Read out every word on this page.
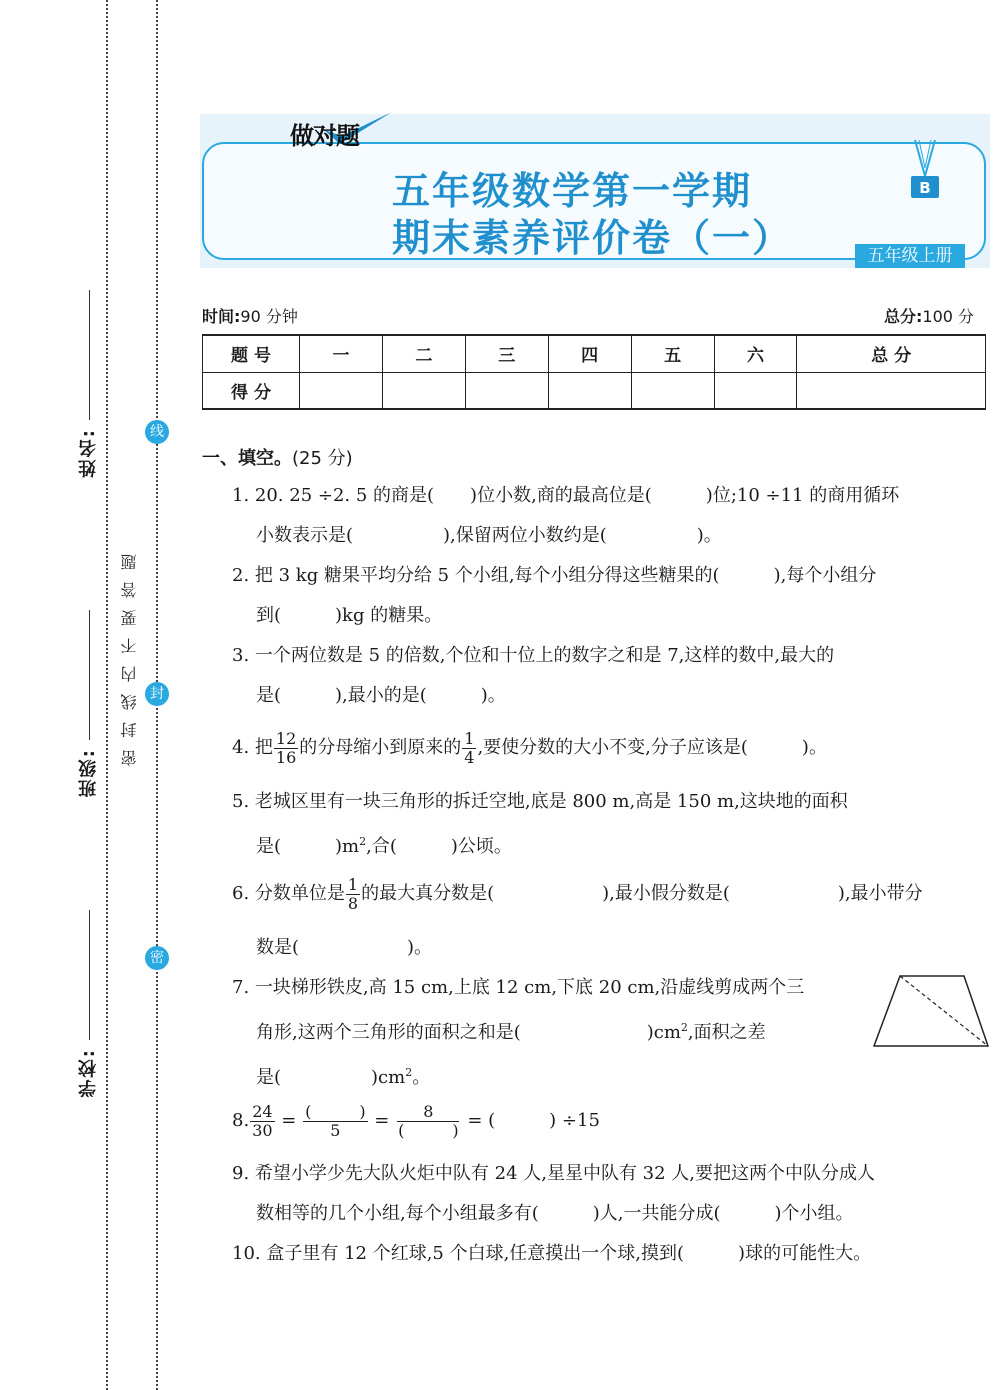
姓名:
班级:
学校:
线
封
密
密封线内不要答题
做对题
五年级数学第一学期
期末素养评价卷（一）
B
五年级上册
时间:90 分钟	总分:100 分
题 号	一	二	三	四	五	六	总 分
得 分							
一、填空。(25 分)
1. 20. 25 ÷2. 5 的商是(　　)位小数,商的最高位是(　　　)位;10 ÷11 的商用循环
小数表示是(　　　　　),保留两位小数约是(　　　　　)。
2. 把 3 kg 糖果平均分给 5 个小组,每个小组分得这些糖果的(　　　),每个小组分
到(　　　)kg 的糖果。
3. 一个两位数是 5 的倍数,个位和十位上的数字之和是 7,这样的数中,最大的
是(　　　),最小的是(　　　)。
4. 把 $\frac{12}{16}$ 的分母缩小到原来的 $\frac{1}{4}$ ,要使分数的大小不变,分子应该是(　　　)。
5. 老城区里有一块三角形的拆迁空地,底是 800 m,高是 150 m,这块地的面积
是(　　　)$m^2$,合(　　　)公顷。
6. 分数单位是 $\frac{1}{8}$ 的最大真分数是(　　　　　　),最小假分数是(　　　　　　),最小带分
数是(　　　　　　)。
7. 一块梯形铁皮,高 15 cm,上底 12 cm,下底 20 cm,沿虚线剪成两个三
角形,这两个三角形的面积之和是(　　　　　　　)$cm^2$,面积之差
是(　　　　　)$cm^2$。
8. $\frac{24}{30} = \frac{( )}{5} = \frac{8}{( )}$ = (　　　) ÷15
9. 希望小学少先大队火炬中队有 24 人,星星中队有 32 人,要把这两个中队分成人
数相等的几个小组,每个小组最多有(　　　)人,一共能分成(　　　)个小组。
10. 盒子里有 12 个红球,5 个白球,任意摸出一个球,摸到(　　　)球的可能性大。
